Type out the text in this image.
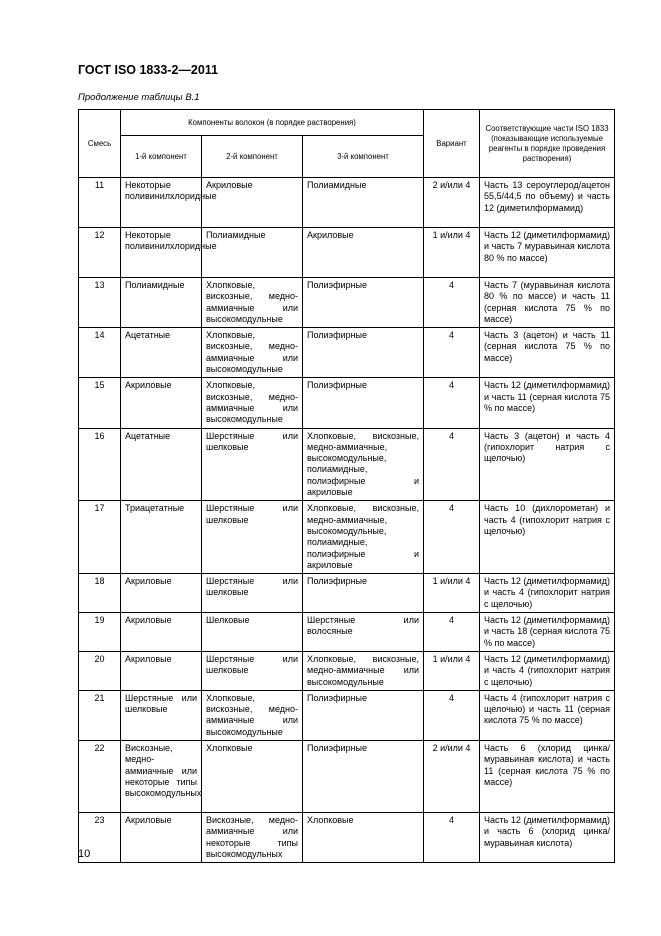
ГОСТ ISO 1833-2—2011
Продолжение таблицы В.1
Смесь	Компоненты волокон (в порядке растворения)			Вариант	Соответствующие части ISO 1833 (показывающие используемые реагенты в порядке проведения растворения)
	1-й компонент	2-й компонент	3-й компонент		
11	Некоторые поливинилхлоридные	Акриловые	Полиамидные	2 и/или 4	Часть 13 сероуглерод/ацетон 55,5/44,5 по объему) и часть 12 (диметилформамид)
12	Некоторые поливинилхлоридные	Полиамидные	Акриловые	1 и/или 4	Часть 12 (диметилформамид) и часть 7 муравьиная кислота 80 % по массе)
13	Полиамидные	Хлопковые, вискозные, медно-аммиачные или высокомодульные	Полиэфирные	4	Часть 7 (муравьиная кислота 80 % по массе) и часть 11 (серная кислота 75 % по массе)
14	Ацетатные	Хлопковые, вискозные, медно-аммиачные или высокомодульные	Полиэфирные	4	Часть 3 (ацетон) и часть 11 (серная кислота 75 % по массе)
15	Акриловые	Хлопковые, вискозные, медно-аммиачные или высокомодульные	Полиэфирные	4	Часть 12 (диметилформамид) и часть 11 (серная кислота 75 % по массе)
16	Ацетатные	Шерстяные или шелковые	Хлопковые, вискозные, медно-аммиачные, высокомодульные, полиамидные, полиэфирные и акриловые	4	Часть 3 (ацетон) и часть 4 (гипохлорит натрия с щелочью)
17	Триацетатные	Шерстяные или шелковые	Хлопковые, вискозные, медно-аммиачные, высокомодульные, полиамидные, полиэфирные и акриловые	4	Часть 10 (дихлорометан) и часть 4 (гипохлорит натрия с щелочью)
18	Акриловые	Шерстяные или шелковые	Полиэфирные	1 и/или 4	Часть 12 (диметилформамид) и часть 4 (гипохлорит натрия с щелочью)
19	Акриловые	Шелковые	Шерстяные или волосяные	4	Часть 12 (диметилформамид) и часть 18 (серная кислота 75 % по массе)
20	Акриловые	Шерстяные или шелковые	Хлопковые, вискозные, медно-аммиачные или высокомодульные	1 и/или 4	Часть 12 (диметилформамид) и часть 4 (гипохлорит натрия с щелочью)
21	Шерстяные или шелковые	Хлопковые, вискозные, медно-аммиачные или высокомодульные	Полиэфирные	4	Часть 4 (гипохлорит натрия с щелочью) и часть 11 (серная кислота 75 % по массе)
22	Вискозные, медно-аммиачные или некоторые типы высокомодульных	Хлопковые	Полиэфирные	2 и/или 4	Часть 6 (хлорид цинка/муравьиная кислота) и часть 11 (серная кислота 75 % по массе)
23	Акриловые	Вискозные, медно-аммиачные или некоторые типы высокомодульных	Хлопковые	4	Часть 12 (диметилформамид) и часть 6 (хлорид цинка/муравьиная кислота)
10
